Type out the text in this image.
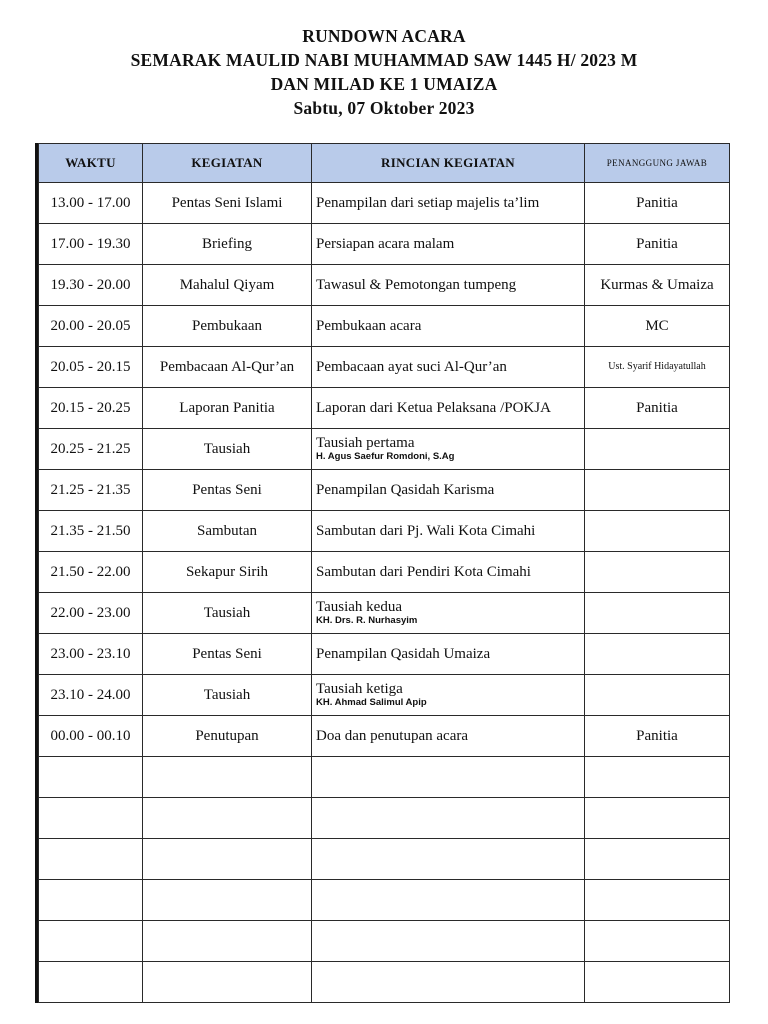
RUNDOWN ACARA
SEMARAK MAULID NABI MUHAMMAD SAW 1445 H/ 2023 M
DAN MILAD KE 1 UMAIZA
Sabtu, 07 Oktober 2023
WAKTU	KEGIATAN	RINCIAN KEGIATAN	PENANGGUNG JAWAB
13.00 - 17.00	Pentas Seni Islami	Penampilan dari setiap majelis ta’lim	Panitia
17.00 - 19.30	Briefing	Persiapan acara malam	Panitia
19.30 - 20.00	Mahalul Qiyam	Tawasul & Pemotongan tumpeng	Kurmas & Umaiza
20.00 - 20.05	Pembukaan	Pembukaan acara	MC
20.05 - 20.15	Pembacaan Al-Qur’an	Pembacaan ayat suci Al-Qur’an	Ust. Syarif Hidayatullah
20.15 - 20.25	Laporan Panitia	Laporan dari Ketua Pelaksana /POKJA	Panitia
20.25 - 21.25	Tausiah	Tausiah pertama
H. Agus Saefur Romdoni, S.Ag	

21.25 - 21.35	Pentas Seni	Penampilan Qasidah Karisma	

21.35 - 21.50	Sambutan	Sambutan dari Pj. Wali Kota Cimahi	

21.50 - 22.00	Sekapur Sirih	Sambutan dari Pendiri Kota Cimahi	

22.00 - 23.00	Tausiah	Tausiah kedua
KH. Drs. R. Nurhasyim	

23.00 - 23.10	Pentas Seni	Penampilan Qasidah Umaiza	

23.10 - 24.00	Tausiah	Tausiah ketiga
KH. Ahmad Salimul Apip	

00.00 - 00.10	Penutupan	Doa dan penutupan acara	Panitia
